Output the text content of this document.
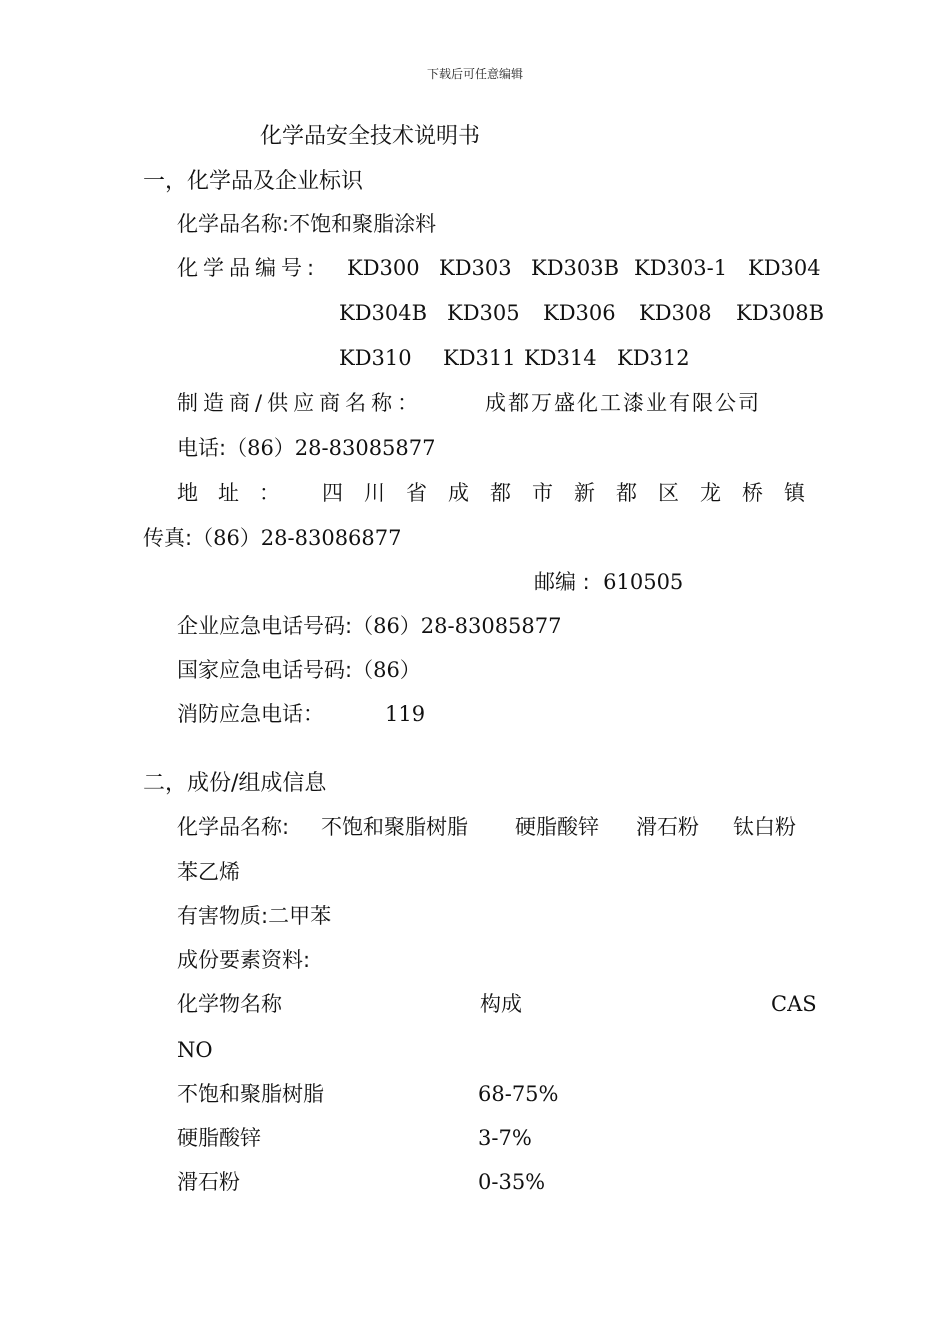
下载后可任意编辑
化学品安全技术说明书
一，化学品及企业标识
化学品名称:不饱和聚脂涂料
化学品编号: KD300 KD303 KD303B KD303-1 KD304
KD304B KD305 KD306 KD308 KD308B
KD310 KD311 KD314 KD312
制造商/供应商名称：	成都万盛化工漆业有限公司
电话:（86）28-83085877
地址： 四 川 省 成 都 市 新 都 区 龙 桥 镇
传真:（86）28-83086877
邮编 : 610505
企业应急电话号码:（86）28-83085877
国家应急电话号码:（86）
消防应急电话：	119
二，成份/组成信息
化学品名称: 不饱和聚脂树脂 硬脂酸锌 滑石粉 钛白粉
苯乙烯
有害物质:二甲苯
成份要素资料:
化学物名称	构成	CAS
NO
不饱和聚脂树脂	68-75%
硬脂酸锌	3-7%
滑石粉	0-35%
